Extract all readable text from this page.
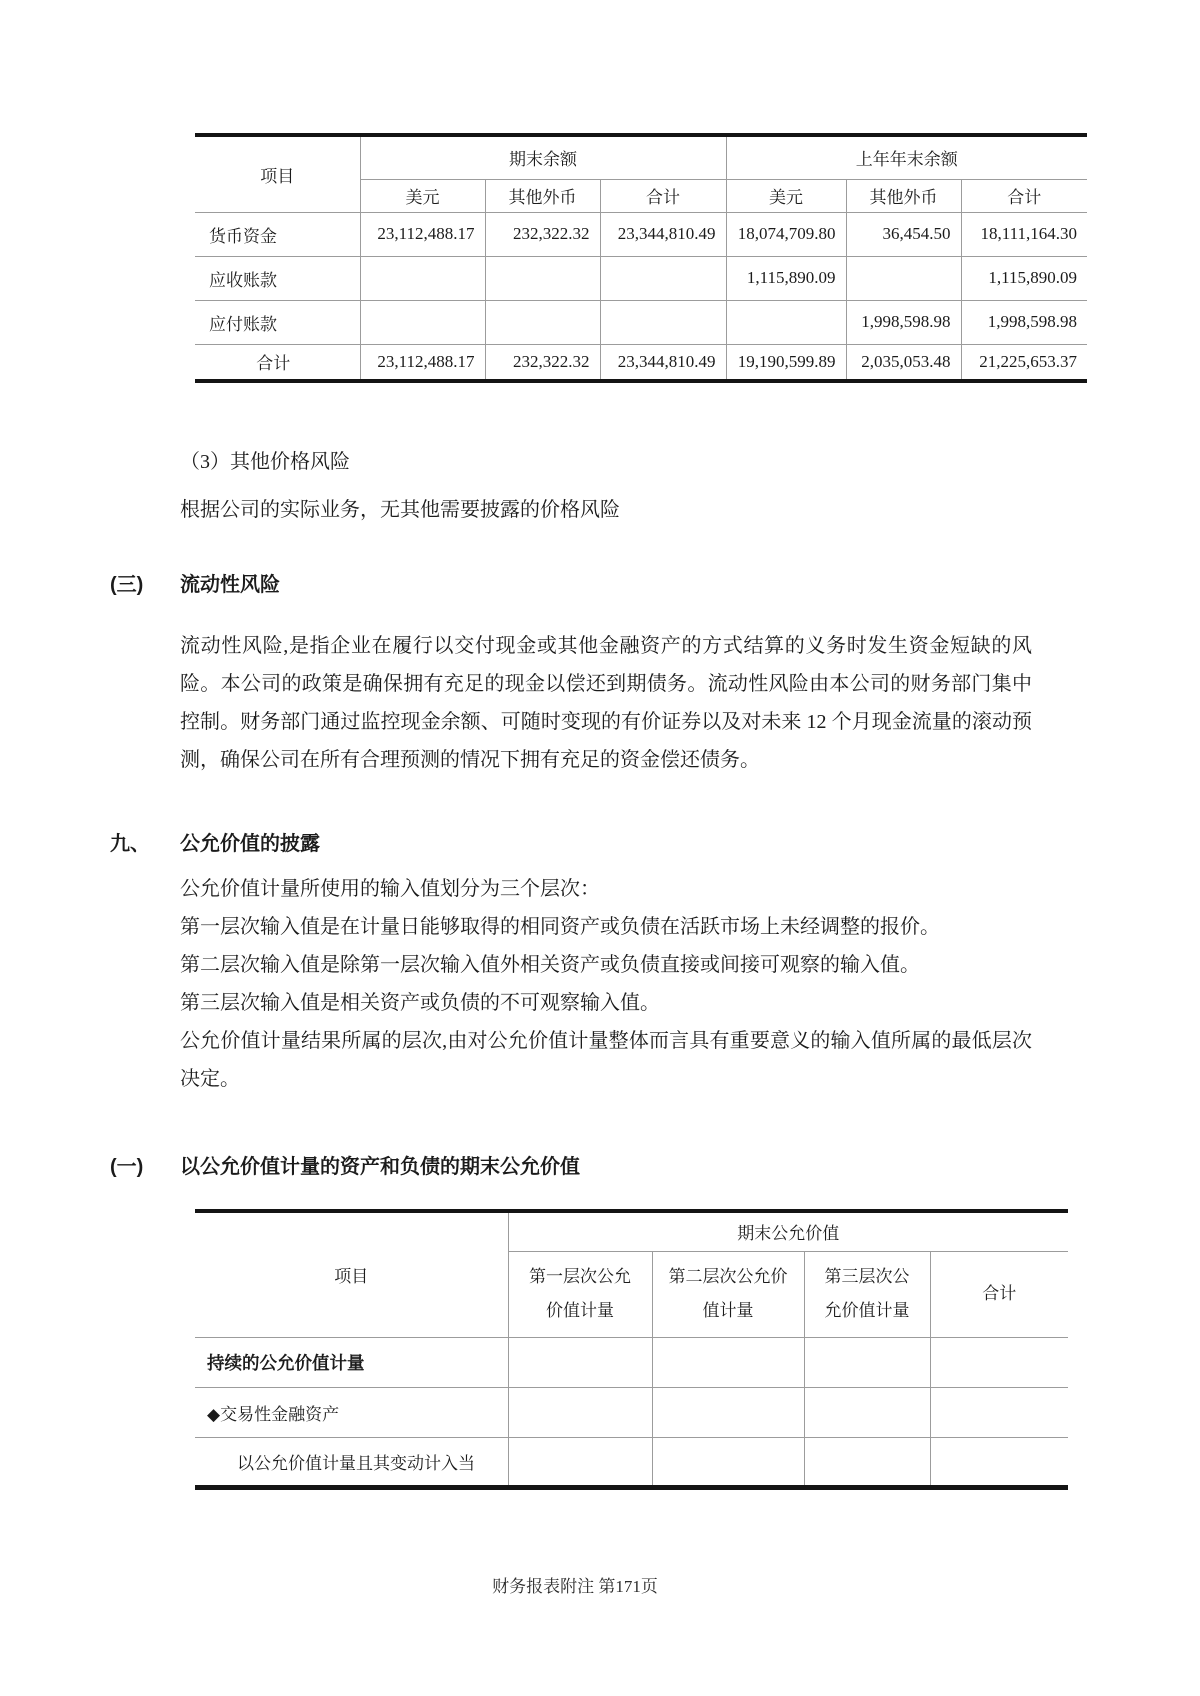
项目	期末余额			上年年末余额		
	美元	其他外币	合计	美元	其他外币	合计
货币资金	23,112,488.17	232,322.32	23,344,810.49	18,074,709.80	36,454.50	18,111,164.30
应收账款				1,115,890.09		1,115,890.09
应付账款					1,998,598.98	1,998,598.98
合计	23,112,488.17	232,322.32	23,344,810.49	19,190,599.89	2,035,053.48	21,225,653.37
（3）其他价格风险
根据公司的实际业务，无其他需要披露的价格风险
(三)	流动性风险
流动性风险,是指企业在履行以交付现金或其他金融资产的方式结算的义务时发生资金短缺的风险。本公司的政策是确保拥有充足的现金以偿还到期债务。流动性风险由本公司的财务部门集中控制。财务部门通过监控现金余额、可随时变现的有价证券以及对未来 12 个月现金流量的滚动预测，确保公司在所有合理预测的情况下拥有充足的资金偿还债务。
九、	公允价值的披露
公允价值计量所使用的输入值划分为三个层次：
第一层次输入值是在计量日能够取得的相同资产或负债在活跃市场上未经调整的报价。
第二层次输入值是除第一层次输入值外相关资产或负债直接或间接可观察的输入值。
第三层次输入值是相关资产或负债的不可观察输入值。
公允价值计量结果所属的层次,由对公允价值计量整体而言具有重要意义的输入值所属的最低层次决定。
(一)	以公允价值计量的资产和负债的期末公允价值
项目	期末公允价值			
	第一层次公允价值计量	第二层次公允价值计量	第三层次公允价值计量	合计
持续的公允价值计量				
◆交易性金融资产				
以公允价值计量且其变动计入当				
财务报表附注 第171页
